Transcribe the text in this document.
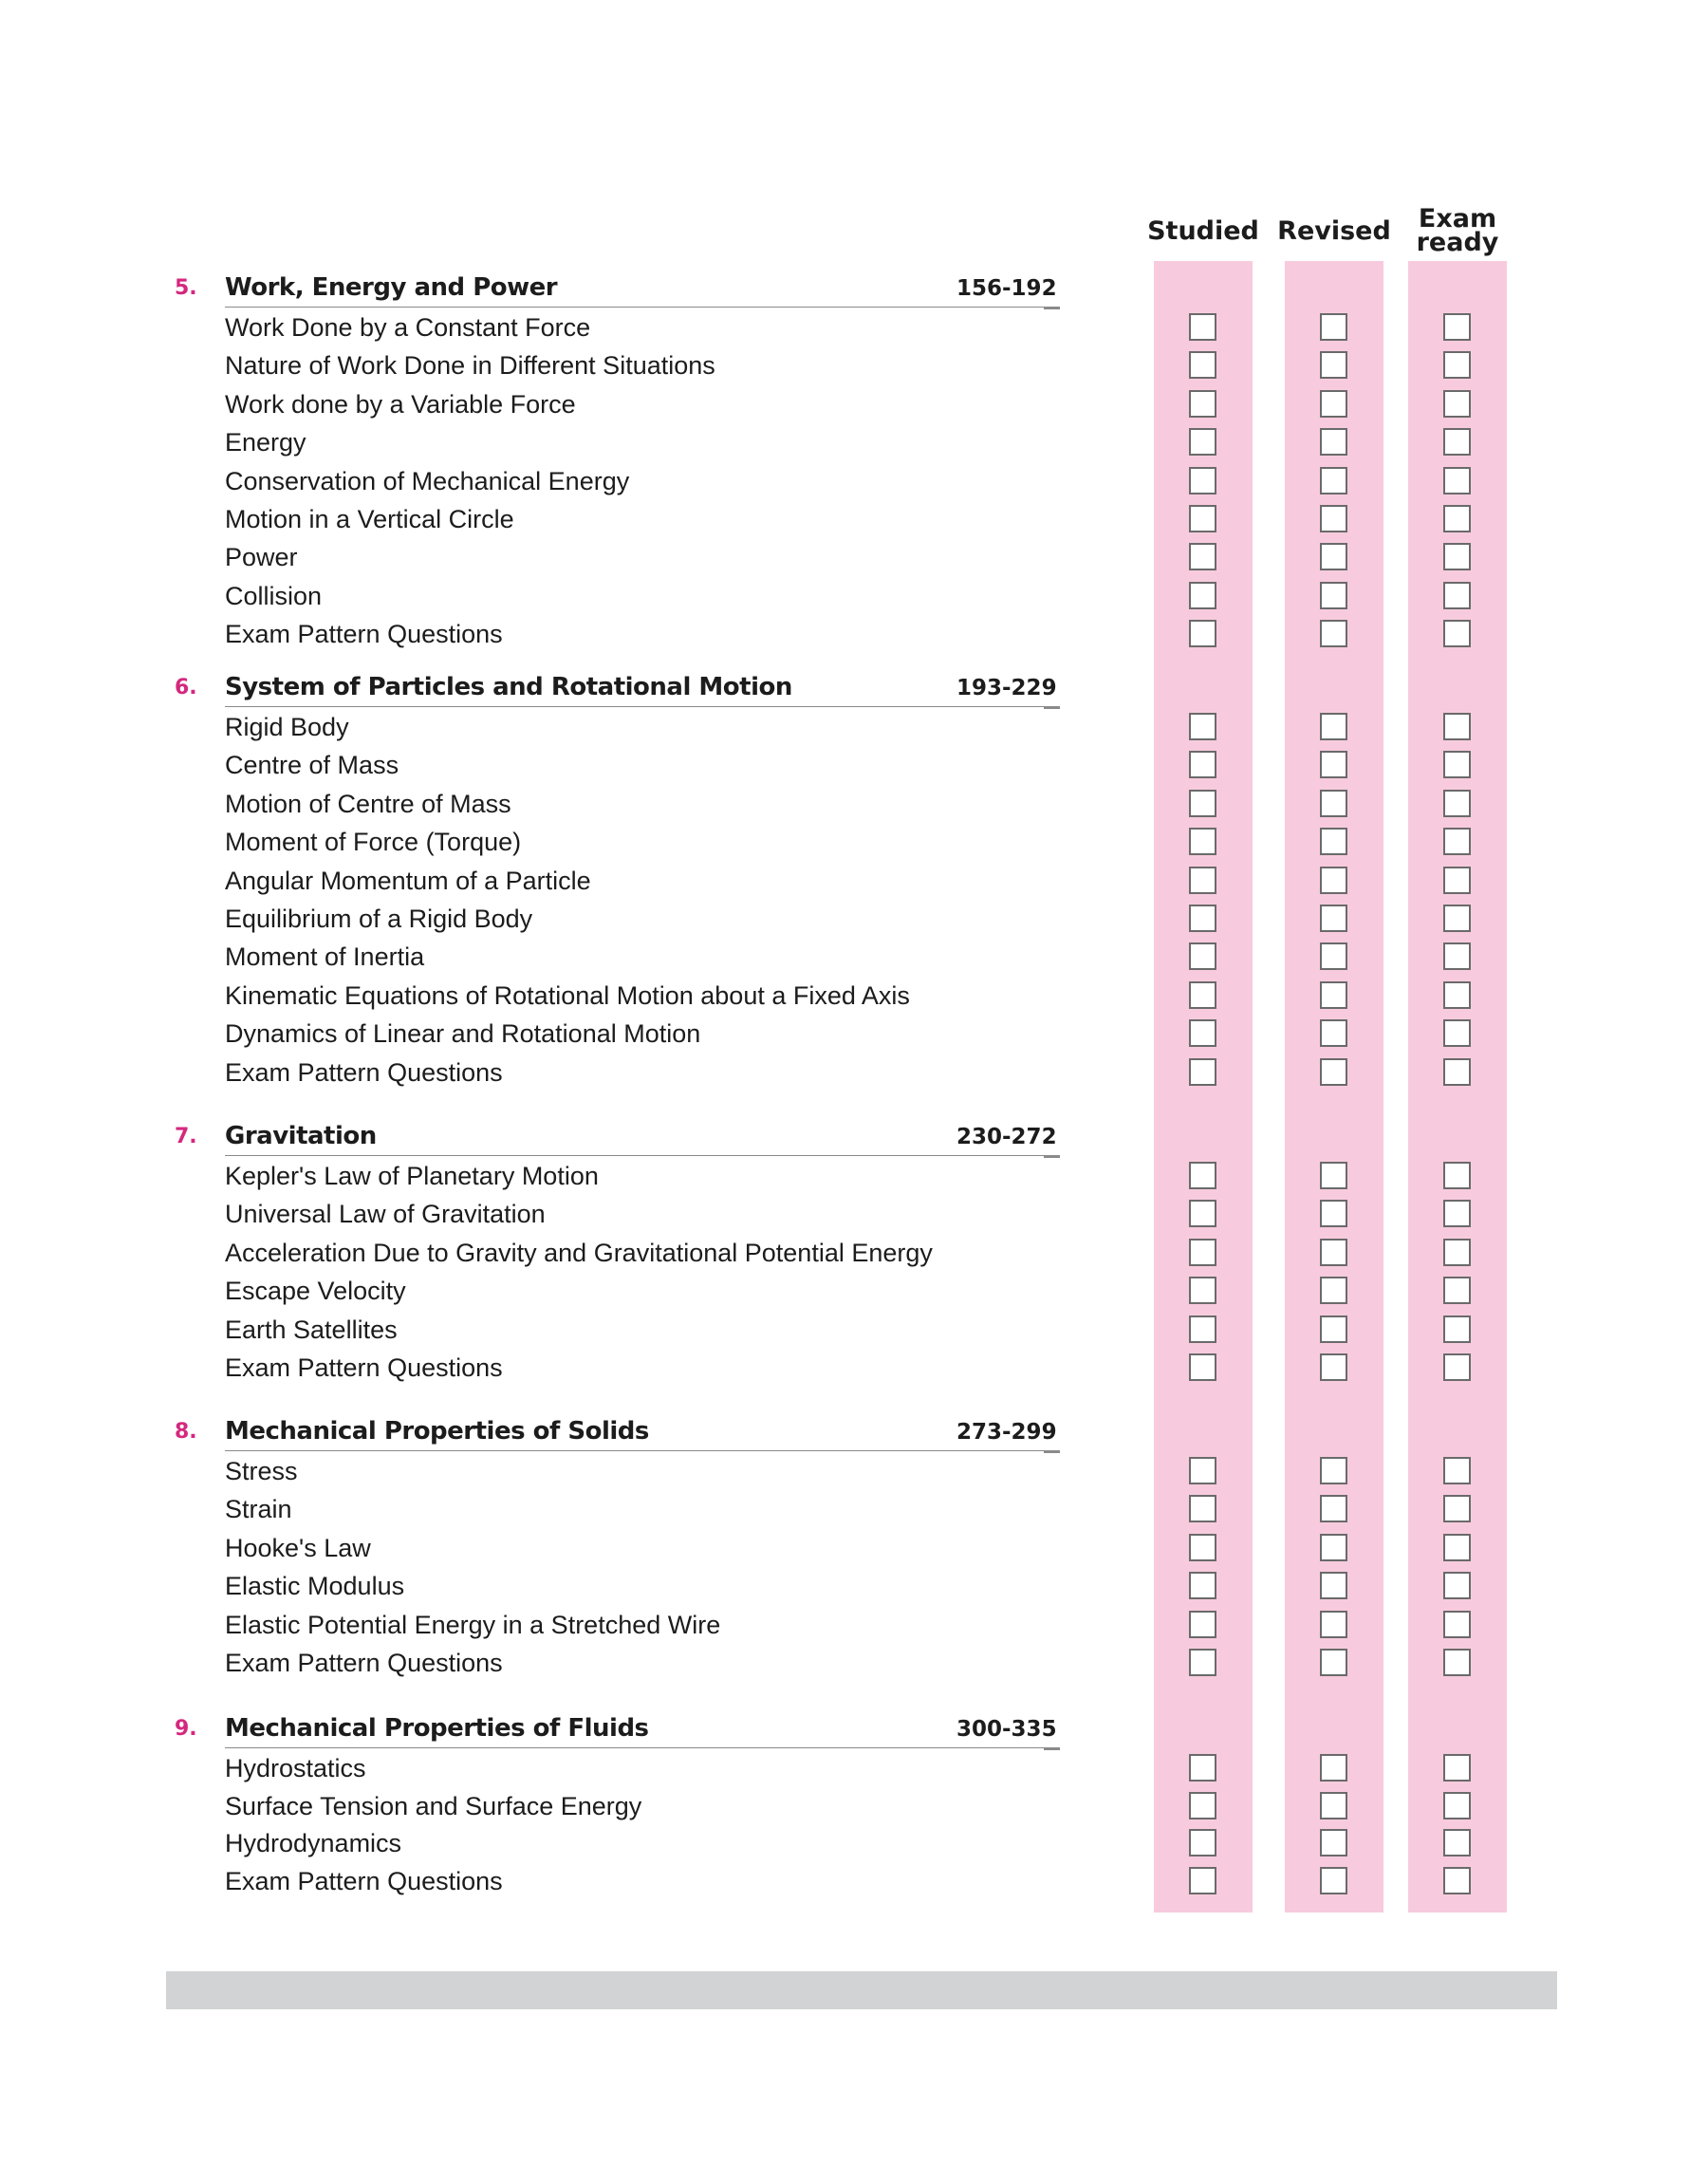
Studied Revised	Exam
ready
5. Work, Energy and Power	156-192
Work Done by a Constant Force
Nature of Work Done in Different Situations
Work done by a Variable Force
Energy
Conservation of Mechanical Energy
Motion in a Vertical Circle
Power
Collision
Exam Pattern Questions
6. System of Particles and Rotational Motion	193-229
Rigid Body
Centre of Mass
Motion of Centre of Mass
Moment of Force (Torque)
Angular Momentum of a Particle
Equilibrium of a Rigid Body
Moment of Inertia
Kinematic Equations of Rotational Motion about a Fixed Axis
Dynamics of Linear and Rotational Motion
Exam Pattern Questions
7. Gravitation	230-272
Kepler's Law of Planetary Motion
Universal Law of Gravitation
Acceleration Due to Gravity and Gravitational Potential Energy
Escape Velocity
Earth Satellites
Exam Pattern Questions
8. Mechanical Properties of Solids	273-299
Stress
Strain
Hooke's Law
Elastic Modulus
Elastic Potential Energy in a Stretched Wire
Exam Pattern Questions
9. Mechanical Properties of Fluids	300-335
Hydrostatics
Surface Tension and Surface Energy
Hydrodynamics
Exam Pattern Questions
